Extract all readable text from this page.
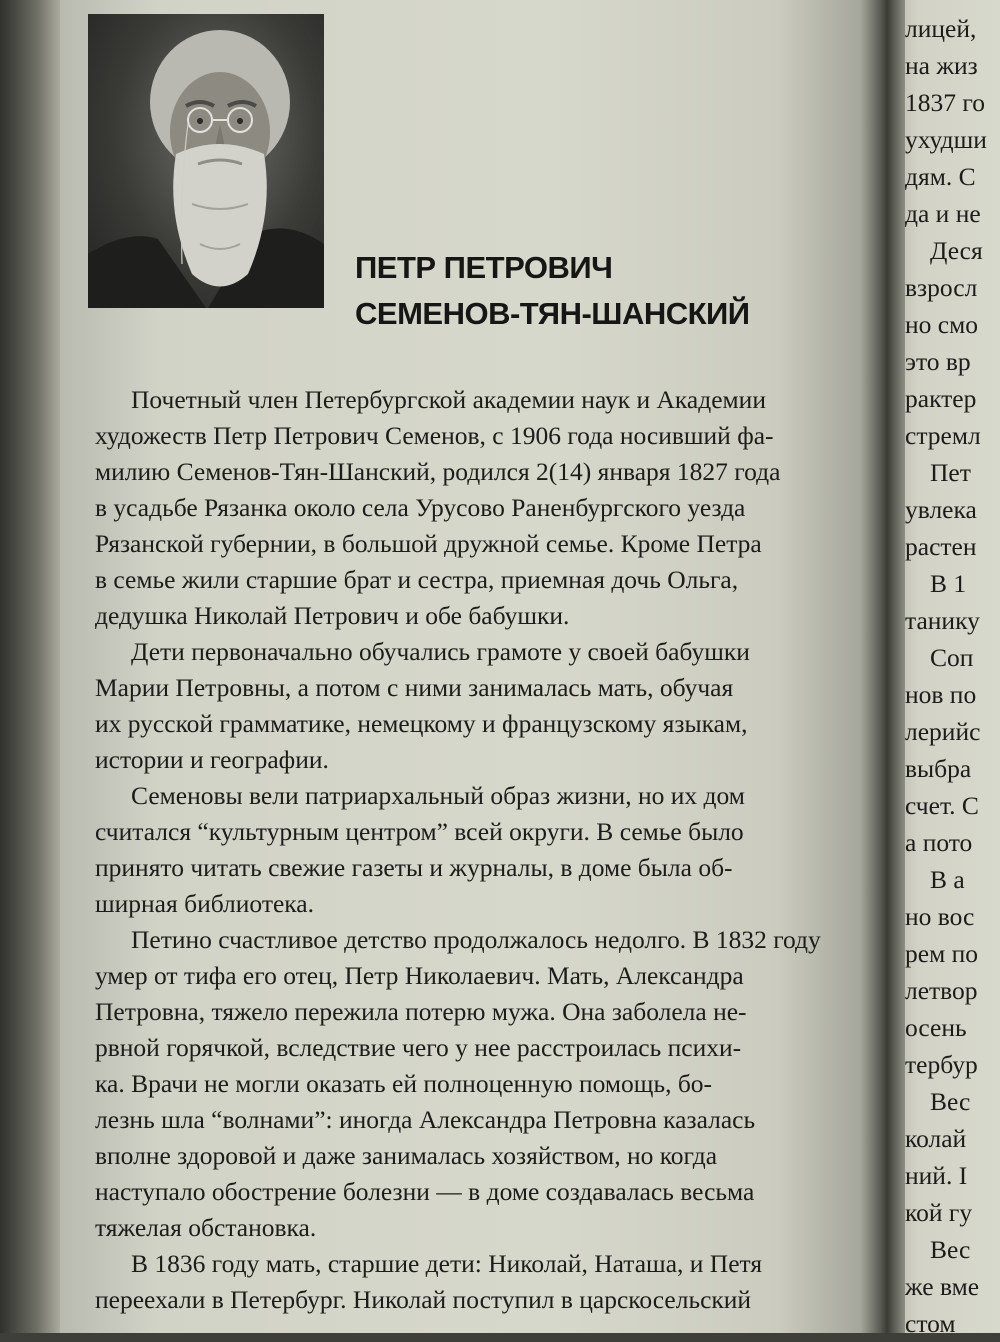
ПЕТР ПЕТРОВИЧ
СЕМЕНОВ-ТЯН-ШАНСКИЙ
Почетный член Петербургской академии наук и Академии
художеств Петр Петрович Семенов, с 1906 года носивший фа-
милию Семенов-Тян-Шанский, родился 2(14) января 1827 года
в усадьбе Рязанка около села Урусово Раненбургского уезда
Рязанской губернии, в большой дружной семье. Кроме Петра
в семье жили старшие брат и сестра, приемная дочь Ольга,
дедушка Николай Петрович и обе бабушки.
Дети первоначально обучались грамоте у своей бабушки
Марии Петровны, а потом с ними занималась мать, обучая
их русской грамматике, немецкому и французскому языкам,
истории и географии.
Семеновы вели патриархальный образ жизни, но их дом
считался “культурным центром” всей округи. В семье было
принято читать свежие газеты и журналы, в доме была об-
ширная библиотека.
Петино счастливое детство продолжалось недолго. В 1832 году
умер от тифа его отец, Петр Николаевич. Мать, Александра
Петровна, тяжело пережила потерю мужа. Она заболела не-
рвной горячкой, вследствие чего у нее расстроилась психи-
ка. Врачи не могли оказать ей полноценную помощь, бо-
лезнь шла “волнами”: иногда Александра Петровна казалась
вполне здоровой и даже занималась хозяйством, но когда
наступало обострение болезни — в доме создавалась весьма
тяжелая обстановка.
В 1836 году мать, старшие дети: Николай, Наташа, и Петя
переехали в Петербург. Николай поступил в царскосельский
лицей,
на жиз
1837 го
ухудши
дям. С
да и не
Деся
взросл
но смо
это вр
рактер
стремл
Пет
увлека
растен
В 1
танику
Соп
нов по
лерийс
выбра
счет. С
а пото
В а
но вос
рем по
летвор
осень
тербур
Вес
колай
ний. I
кой гу
Вес
же вме
стом
